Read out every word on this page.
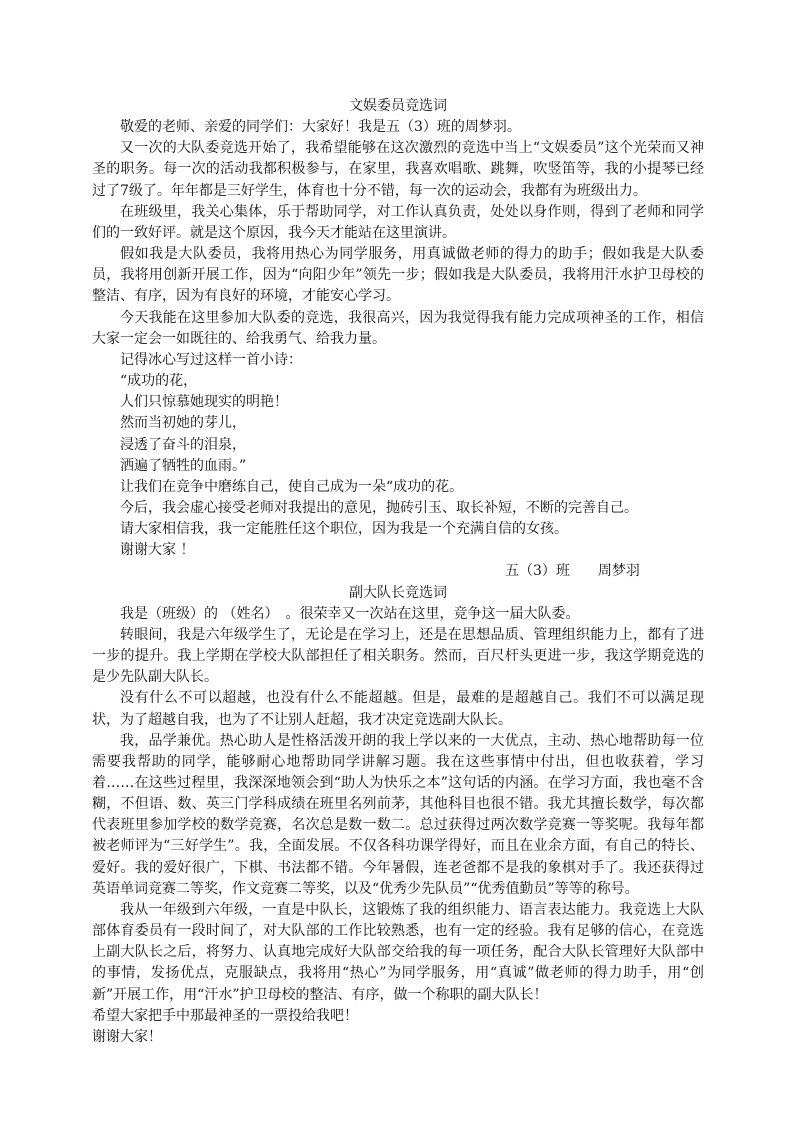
文娱委员竞选词

敬爱的老师、亲爱的同学们：大家好！我是五（3）班的周梦羽。

又一次的大队委竞选开始了，我希望能够在这次激烈的竞选中当上“文娱委员”这个光荣而又神圣的职务。每一次的活动我都积极参与，在家里，我喜欢唱歌、跳舞，吹竖笛等，我的小提琴已经过了7级了。年年都是三好学生，体育也十分不错，每一次的运动会，我都有为班级出力。

在班级里，我关心集体，乐于帮助同学，对工作认真负责，处处以身作则，得到了老师和同学们的一致好评。就是这个原因，我今天才能站在这里演讲。

假如我是大队委员，我将用热心为同学服务，用真诚做老师的得力的助手；假如我是大队委员，我将用创新开展工作，因为“向阳少年”领先一步；假如我是大队委员，我将用汗水护卫母校的整洁、有序，因为有良好的环境，才能安心学习。

今天我能在这里参加大队委的竞选，我很高兴，因为我觉得我有能力完成项神圣的工作，相信大家一定会一如既往的、给我勇气、给我力量。

记得冰心写过这样一首小诗：

“成功的花，

人们只惊慕她现实的明艳！

然而当初她的芽儿，

浸透了奋斗的泪泉，

洒遍了牺牲的血雨。”

让我们在竞争中磨练自己，使自己成为一朵“成功的花。

今后，我会虚心接受老师对我提出的意见，抛砖引玉、取长补短，不断的完善自己。

请大家相信我，我一定能胜任这个职位，因为我是一个充满自信的女孩。

谢谢大家 ！

五（3）班　　周梦羽

副大队长竞选词

我是（班级）的 （姓名）　。很荣幸又一次站在这里，竞争这一届大队委。

转眼间，我是六年级学生了，无论是在学习上，还是在思想品质、管理组织能力上，都有了进一步的提升。我上学期在学校大队部担任了相关职务。然而，百尺杆头更进一步，我这学期竞选的是少先队副大队长。

没有什么不可以超越，也没有什么不能超越。但是，最难的是超越自己。我们不可以满足现状，为了超越自我，也为了不让别人赶超，我才决定竞选副大队长。

我，品学兼优。热心助人是性格活泼开朗的我上学以来的一大优点，主动、热心地帮助每一位需要我帮助的同学，能够耐心地帮助同学讲解习题。我在这些事情中付出，但也收获着，学习着……在这些过程里，我深深地领会到“助人为快乐之本”这句话的内涵。在学习方面，我也毫不含糊，不但语、数、英三门学科成绩在班里名列前茅，其他科目也很不错。我尤其擅长数学，每次都代表班里参加学校的数学竞赛，名次总是数一数二。总过获得过两次数学竞赛一等奖呢。我每年都被老师评为“三好学生”。我，全面发展。不仅各科功课学得好，而且在业余方面，有自己的特长、爱好。我的爱好很广，下棋、书法都不错。今年暑假，连老爸都不是我的象棋对手了。我还获得过英语单词竞赛二等奖，作文竞赛二等奖，以及“优秀少先队员”“优秀值勤员”等等的称号。

我从一年级到六年级，一直是中队长，这锻炼了我的组织能力、语言表达能力。我竞选上大队部体育委员有一段时间了，对大队部的工作比较熟悉，也有一定的经验。我有足够的信心，在竞选上副大队长之后，将努力、认真地完成好大队部交给我的每一项任务，配合大队长管理好大队部中的事情，发扬优点，克服缺点，我将用“热心”为同学服务，用“真诚”做老师的得力助手，用“创新”开展工作，用“汗水”护卫母校的整洁、有序，做一个称职的副大队长！

希望大家把手中那最神圣的一票投给我吧！

谢谢大家！
